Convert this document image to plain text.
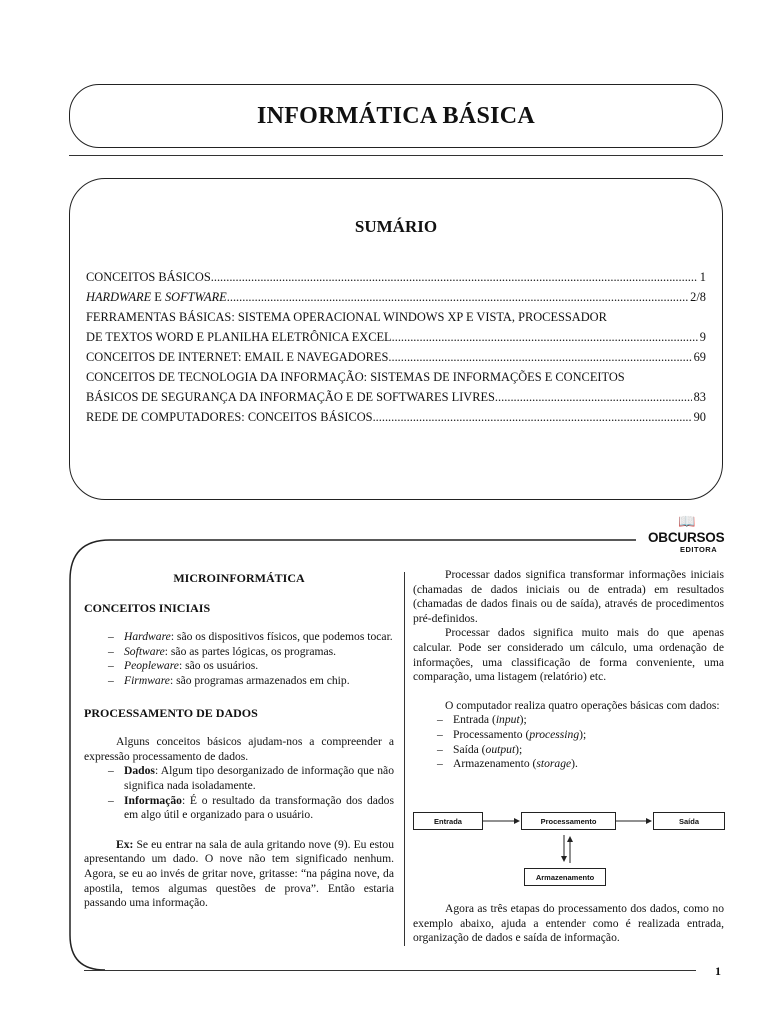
INFORMÁTICA BÁSICA
SUMÁRIO
CONCEITOS BÁSICOS .....	1
HARDWARE E SOFTWARE. .....	2/8
FERRAMENTAS BÁSICAS: SISTEMA OPERACIONAL WINDOWS XP E VISTA, PROCESSADOR
DE TEXTOS WORD E PLANILHA ELETRÔNICA EXCEL .....	9
CONCEITOS DE INTERNET: EMAIL E NAVEGADORES .....	69
CONCEITOS DE TECNOLOGIA DA INFORMAÇÃO: SISTEMAS DE INFORMAÇÕES E CONCEITOS
BÁSICOS DE SEGURANÇA DA INFORMAÇÃO E DE SOFTWARES LIVRES. .....	83
REDE DE COMPUTADORES: CONCEITOS BÁSICOS .....	90
📖
OBCURSOS
EDITORA

MICROINFORMÁTICA

CONCEITOS INICIAIS

– Hardware: são os dispositivos físicos, que podemos tocar.
– Software: são as partes lógicas, os programas.
– Peopleware: são os usuários.
– Firmware: são programas armazenados em chip.

PROCESSAMENTO DE DADOS

Alguns conceitos básicos ajudam-nos a compreender a expressão processamento de dados.

– Dados: Algum tipo desorganizado de informação que não significa nada isoladamente.
– Informação: É o resultado da transformação dos dados em algo útil e organizado para o usuário.

Ex: Se eu entrar na sala de aula gritando nove (9). Eu estou apresentando um dado. O nove não tem significado nenhum. Agora, se eu ao invés de gritar nove, gritasse: “na página nove, da apostila, temos algumas questões de prova”. Então estaria passando uma informação.

Processar dados significa transformar informações iniciais (chamadas de dados iniciais ou de entrada) em resultados (chamadas de dados finais ou de saída), através de procedimentos pré-definidos.

Processar dados significa muito mais do que apenas calcular. Pode ser considerado um cálculo, uma ordenação de informações, uma classificação de forma conveniente, uma comparação, uma listagem (relatório) etc.

O computador realiza quatro operações básicas com dados:

– Entrada (input);
– Processamento (processing);
– Saída (output);
– Armazenamento (storage).
Entrada	Processamento	Saída
Armazenamento

Agora as três etapas do processamento dos dados, como no exemplo abaixo, ajuda a entender como é realizada entrada, organização de dados e saída de informação.

1
